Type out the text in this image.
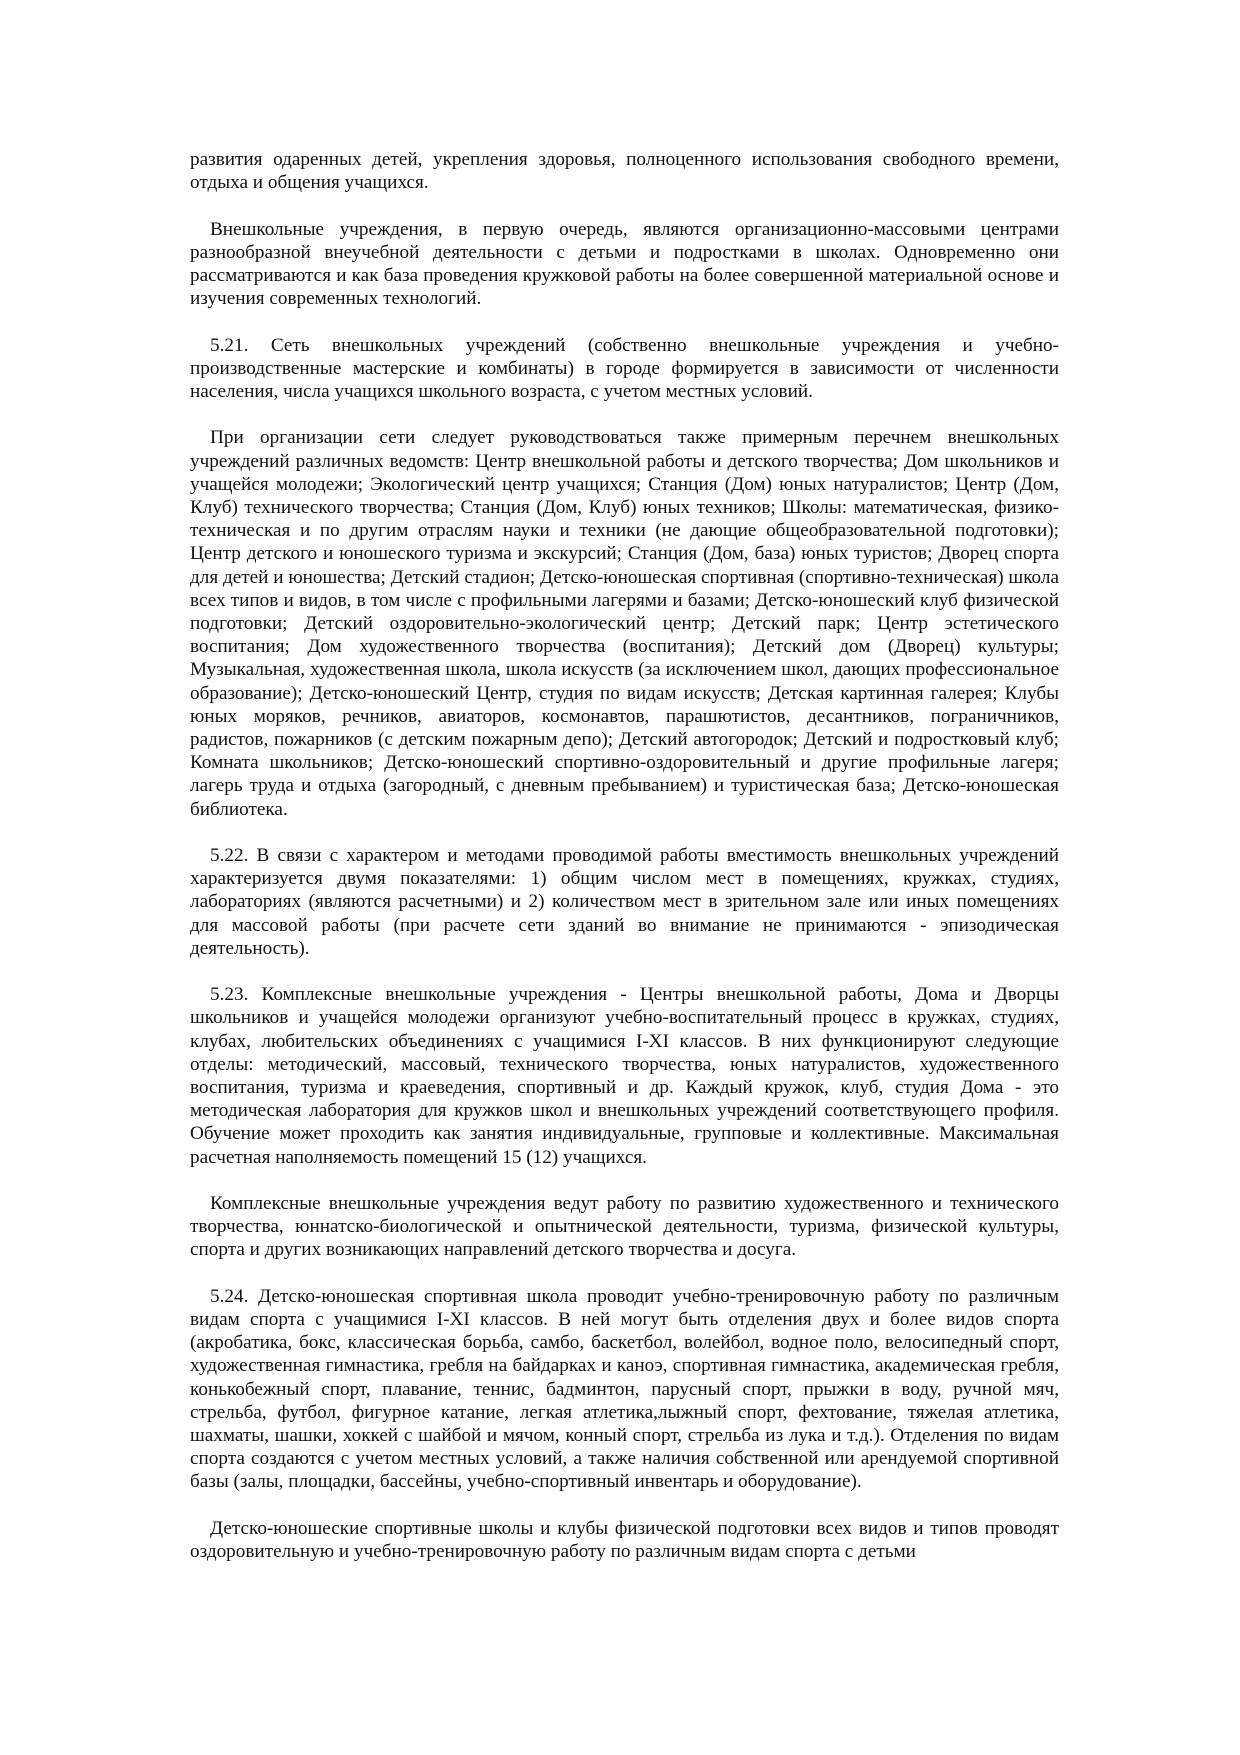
развития одаренных детей, укрепления здоровья, полноценного использования свободного времени, отдыха и общения учащихся.

Внешкольные учреждения, в первую очередь, являются организационно-массовыми центрами разнообразной внеучебной деятельности с детьми и подростками в школах. Одновременно они рассматриваются и как база проведения кружковой работы на более совершенной материальной основе и изучения современных технологий.

5.21. Сеть внешкольных учреждений (собственно внешкольные учреждения и учебно-производственные мастерские и комбинаты) в городе формируется в зависимости от численности населения, числа учащихся школьного возраста, с учетом местных условий.

При организации сети следует руководствоваться также примерным перечнем внешкольных учреждений различных ведомств: Центр внешкольной работы и детского творчества; Дом школьников и учащейся молодежи; Экологический центр учащихся; Станция (Дом) юных натуралистов; Центр (Дом, Клуб) технического творчества; Станция (Дом, Клуб) юных техников; Школы: математическая, физико-техническая и по другим отраслям науки и техники (не дающие общеобразовательной подготовки); Центр детского и юношеского туризма и экскурсий; Станция (Дом, база) юных туристов; Дворец спорта для детей и юношества; Детский стадион; Детско-юношеская спортивная (спортивно-техническая) школа всех типов и видов, в том числе с профильными лагерями и базами; Детско-юношеский клуб физической подготовки; Детский оздоровительно-экологический центр; Детский парк; Центр эстетического воспитания; Дом художественного творчества (воспитания); Детский дом (Дворец) культуры; Музыкальная, художественная школа, школа искусств (за исключением школ, дающих профессиональное образование); Детско-юношеский Центр, студия по видам искусств; Детская картинная галерея; Клубы юных моряков, речников, авиаторов, космонавтов, парашютистов, десантников, пограничников, радистов, пожарников (с детским пожарным депо); Детский автогородок; Детский и подростковый клуб; Комната школьников; Детско-юношеский спортивно-оздоровительный и другие профильные лагеря; лагерь труда и отдыха (загородный, с дневным пребыванием) и туристическая база; Детско-юношеская библиотека.

5.22. В связи с характером и методами проводимой работы вместимость внешкольных учреждений характеризуется двумя показателями: 1) общим числом мест в помещениях, кружках, студиях, лабораториях (являются расчетными) и 2) количеством мест в зрительном зале или иных помещениях для массовой работы (при расчете сети зданий во внимание не принимаются - эпизодическая деятельность).

5.23. Комплексные внешкольные учреждения - Центры внешкольной работы, Дома и Дворцы школьников и учащейся молодежи организуют учебно-воспитательный процесс в кружках, студиях, клубах, любительских объединениях с учащимися I-XI классов. В них функционируют следующие отделы: методический, массовый, технического творчества, юных натуралистов, художественного воспитания, туризма и краеведения, спортивный и др. Каждый кружок, клуб, студия Дома - это методическая лаборатория для кружков школ и внешкольных учреждений соответствующего профиля. Обучение может проходить как занятия индивидуальные, групповые и коллективные. Максимальная расчетная наполняемость помещений 15 (12) учащихся.

Комплексные внешкольные учреждения ведут работу по развитию художественного и технического творчества, юннатско-биологической и опытнической деятельности, туризма, физической культуры, спорта и других возникающих направлений детского творчества и досуга.

5.24. Детско-юношеская спортивная школа проводит учебно-тренировочную работу по различным видам спорта с учащимися I-XI классов. В ней могут быть отделения двух и более видов спорта (акробатика, бокс, классическая борьба, самбо, баскетбол, волейбол, водное поло, велосипедный спорт, художественная гимнастика, гребля на байдарках и каноэ, спортивная гимнастика, академическая гребля, конькобежный спорт, плавание, теннис, бадминтон, парусный спорт, прыжки в воду, ручной мяч, стрельба, футбол, фигурное катание, легкая атлетика,лыжный спорт, фехтование, тяжелая атлетика, шахматы, шашки, хоккей с шайбой и мячом, конный спорт, стрельба из лука и т.д.). Отделения по видам спорта создаются с учетом местных условий, а также наличия собственной или арендуемой спортивной базы (залы, площадки, бассейны, учебно-спортивный инвентарь и оборудование).

Детско-юношеские спортивные школы и клубы физической подготовки всех видов и типов проводят оздоровительную и учебно-тренировочную работу по различным видам спорта с детьми
